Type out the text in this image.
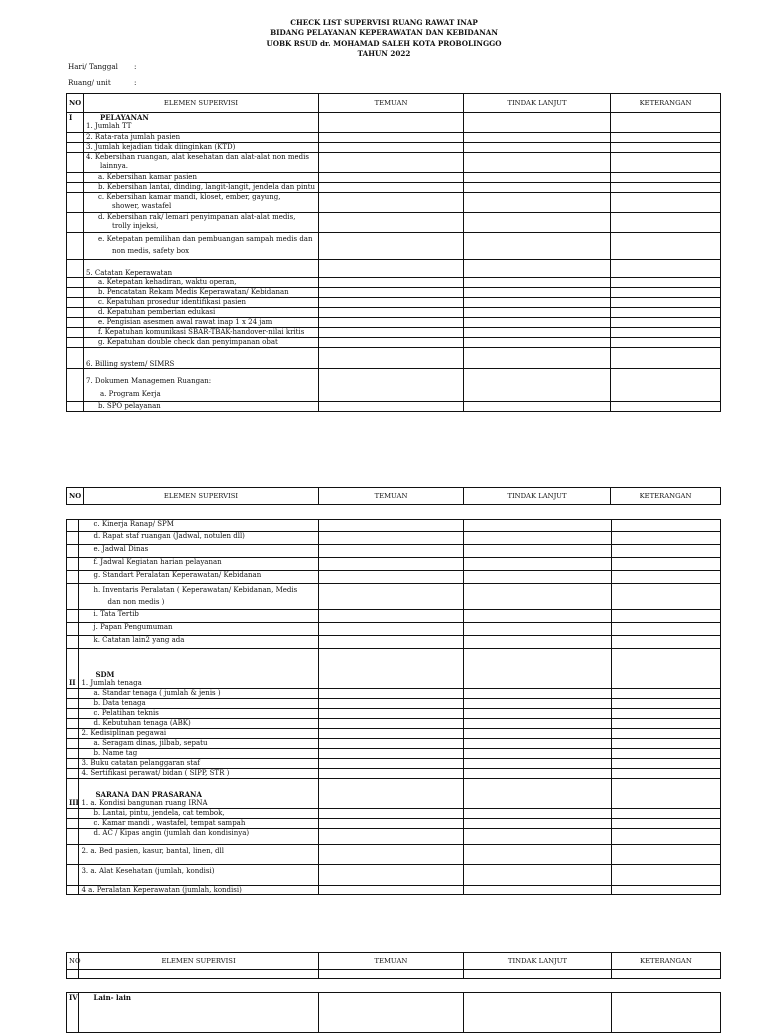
CHECK LIST SUPERVISI RUANG RAWAT INAP
BIDANG PELAYANAN KEPERAWATAN DAN KEBIDANAN
UOBK RSUD dr. MOHAMAD SALEH KOTA PROBOLINGGO
TAHUN 2022
Hari/ Tanggal :
Ruang/ unit	:
NO	ELEMEN SUPERVISI	TEMUAN	TINDAK LANJUT	KETERANGAN
I	PELAYANAN
1. Jumlah TT			

	2. Rata-rata jumlah pasien			
	3. Jumlah kejadian tidak diinginkan (KTD)			

	4. Kebersihan ruangan, alat kesehatan dan alat-alat non medis
lainnya.			

	a. Kebersihan kamar pasien			
	b. Kebersihan lantai, dinding, langit-langit, jendela dan pintu			

	c. Kebersihan kamar mandi, kloset, ember, gayung,
shower, wastafel			

	d. Kebersihan rak/ lemari penyimpanan alat-alat medis,
trolly injeksi,			

	e. Ketepatan pemilihan dan pembuangan sampah medis dan
non medis, safety box			

	5. Catatan Keperawatan			
	a. Ketepatan kehadiran, waktu operan,			
	b. Pencatatan Rekam Medis Keperawatan/ Kebidanan			
	c. Kepatuhan prosedur identifikasi pasien			
	d. Kepatuhan pemberian edukasi			
	e. Pengisian asesmen awal rawat inap 1 x 24 jam			
	f. Kepatuhan komunikasi SBAR-TBAK-handover-nilai kritis			
	g. Kepatuhan double check dan penyimpanan obat			
	6. Billing system/ SIMRS			

	7. Dokumen Managemen Ruangan:
a. Program Kerja			

	b. SPO pelayanan			
NO	ELEMEN SUPERVISI	TEMUAN	TINDAK LANJUT	KETERANGAN
	c. Kinerja Ranap/ SPM			
	d. Rapat staf ruangan (Jadwal, notulen dll)			
	e. Jadwal Dinas			
	f. Jadwal Kegiatan harian pelayanan			
	g. Standart Peralatan Keperawatan/ Kebidanan			

	h. Inventaris Peralatan ( Keperawatan/ Kebidanan, Medis
dan non medis )			

	i. Tata Tertib			
	j. Papan Pengumuman			
	k. Catatan lain2 yang ada			
II	SDM
1. Jumlah tenaga			

	a. Standar tenaga ( jumlah & jenis )			
	b. Data tenaga			
	c. Pelatihan teknis			
	d. Kebutuhan tenaga (ABK)			
	2. Kedisiplinan pegawai			
	a. Seragam dinas, jilbab, sepatu			
	b. Name tag			
	3. Buku catatan pelanggaran staf			
	4. Sertifikasi perawat/ bidan ( SIPP, STR )			
III	SARANA DAN PRASARANA
1. a. Kondisi bangunan ruang IRNA			

	b. Lantai, pintu, jendela, cat tembok,			
	c. Kamar mandi , wastafel, tempat sampah			
	d. AC / Kipas angin (jumlah dan kondisinya)			
	2. a. Bed pasien, kasur, bantal, linen, dll			
	3. a. Alat Kesehatan (jumlah, kondisi)			
	4 a. Peralatan Keperawatan (jumlah, kondisi)			
NO	ELEMEN SUPERVISI	TEMUAN	TINDAK LANJUT	KETERANGAN

IV	Lain- lain			
